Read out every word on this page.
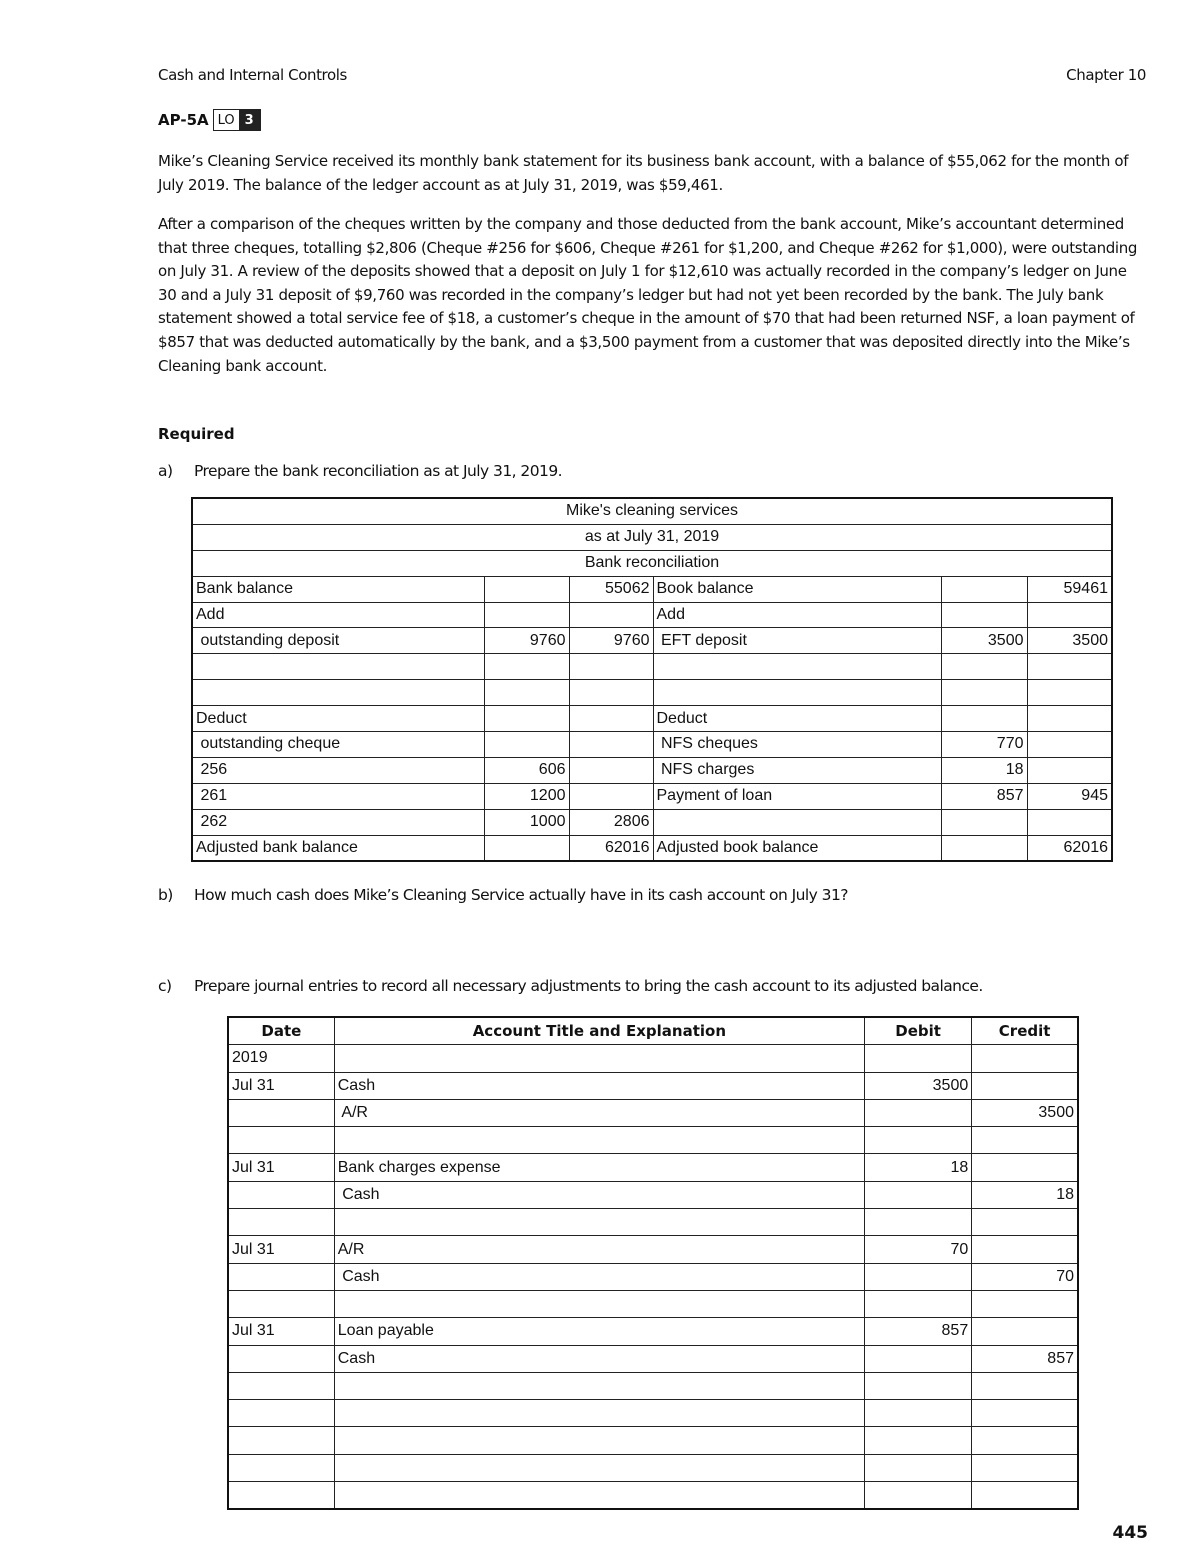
Cash and Internal Controls	Chapter 10
AP-5A LO 3

Mike’s Cleaning Service received its monthly bank statement for its business bank account, with a balance of $55,062 for the month of July 2019. The balance of the ledger account as at July 31, 2019, was $59,461.

After a comparison of the cheques written by the company and those deducted from the bank account, Mike’s accountant determined that three cheques, totalling $2,806 (Cheque #256 for $606, Cheque #261 for $1,200, and Cheque #262 for $1,000), were outstanding on July 31. A review of the deposits showed that a deposit on July 1 for $12,610 was actually recorded in the company’s ledger on June 30 and a July 31 deposit of $9,760 was recorded in the company’s ledger but had not yet been recorded by the bank. The July bank statement showed a total service fee of $18, a customer’s cheque in the amount of $70 that had been returned NSF, a loan payment of $857 that was deducted automatically by the bank, and a $3,500 payment from a customer that was deposited directly into the Mike’s Cleaning bank account.

Required
a) Prepare the bank reconciliation as at July 31, 2019.
Mike's cleaning services					
as at July 31, 2019					
Bank reconciliation					
Bank balance		55062	Book balance		59461
Add			Add		
outstanding deposit	9760	9760	EFT deposit	3500	3500

Deduct			Deduct		
outstanding cheque			NFS cheques	770	
256	606		NFS charges	18	
261	1200		Payment of loan	857	945
262	1000	2806			
Adjusted bank balance		62016	Adjusted book balance		62016
b) How much cash does Mike’s Cleaning Service actually have in its cash account on July 31?
c) Prepare journal entries to record all necessary adjustments to bring the cash account to its adjusted balance.
Date	Account Title and Explanation	Debit	Credit
2019			
Jul 31	Cash	3500	
	A/R		3500

Jul 31	Bank charges expense	18	
	Cash		18

Jul 31	A/R	70	
	Cash		70

Jul 31	Loan payable	857	
	Cash		857

445
